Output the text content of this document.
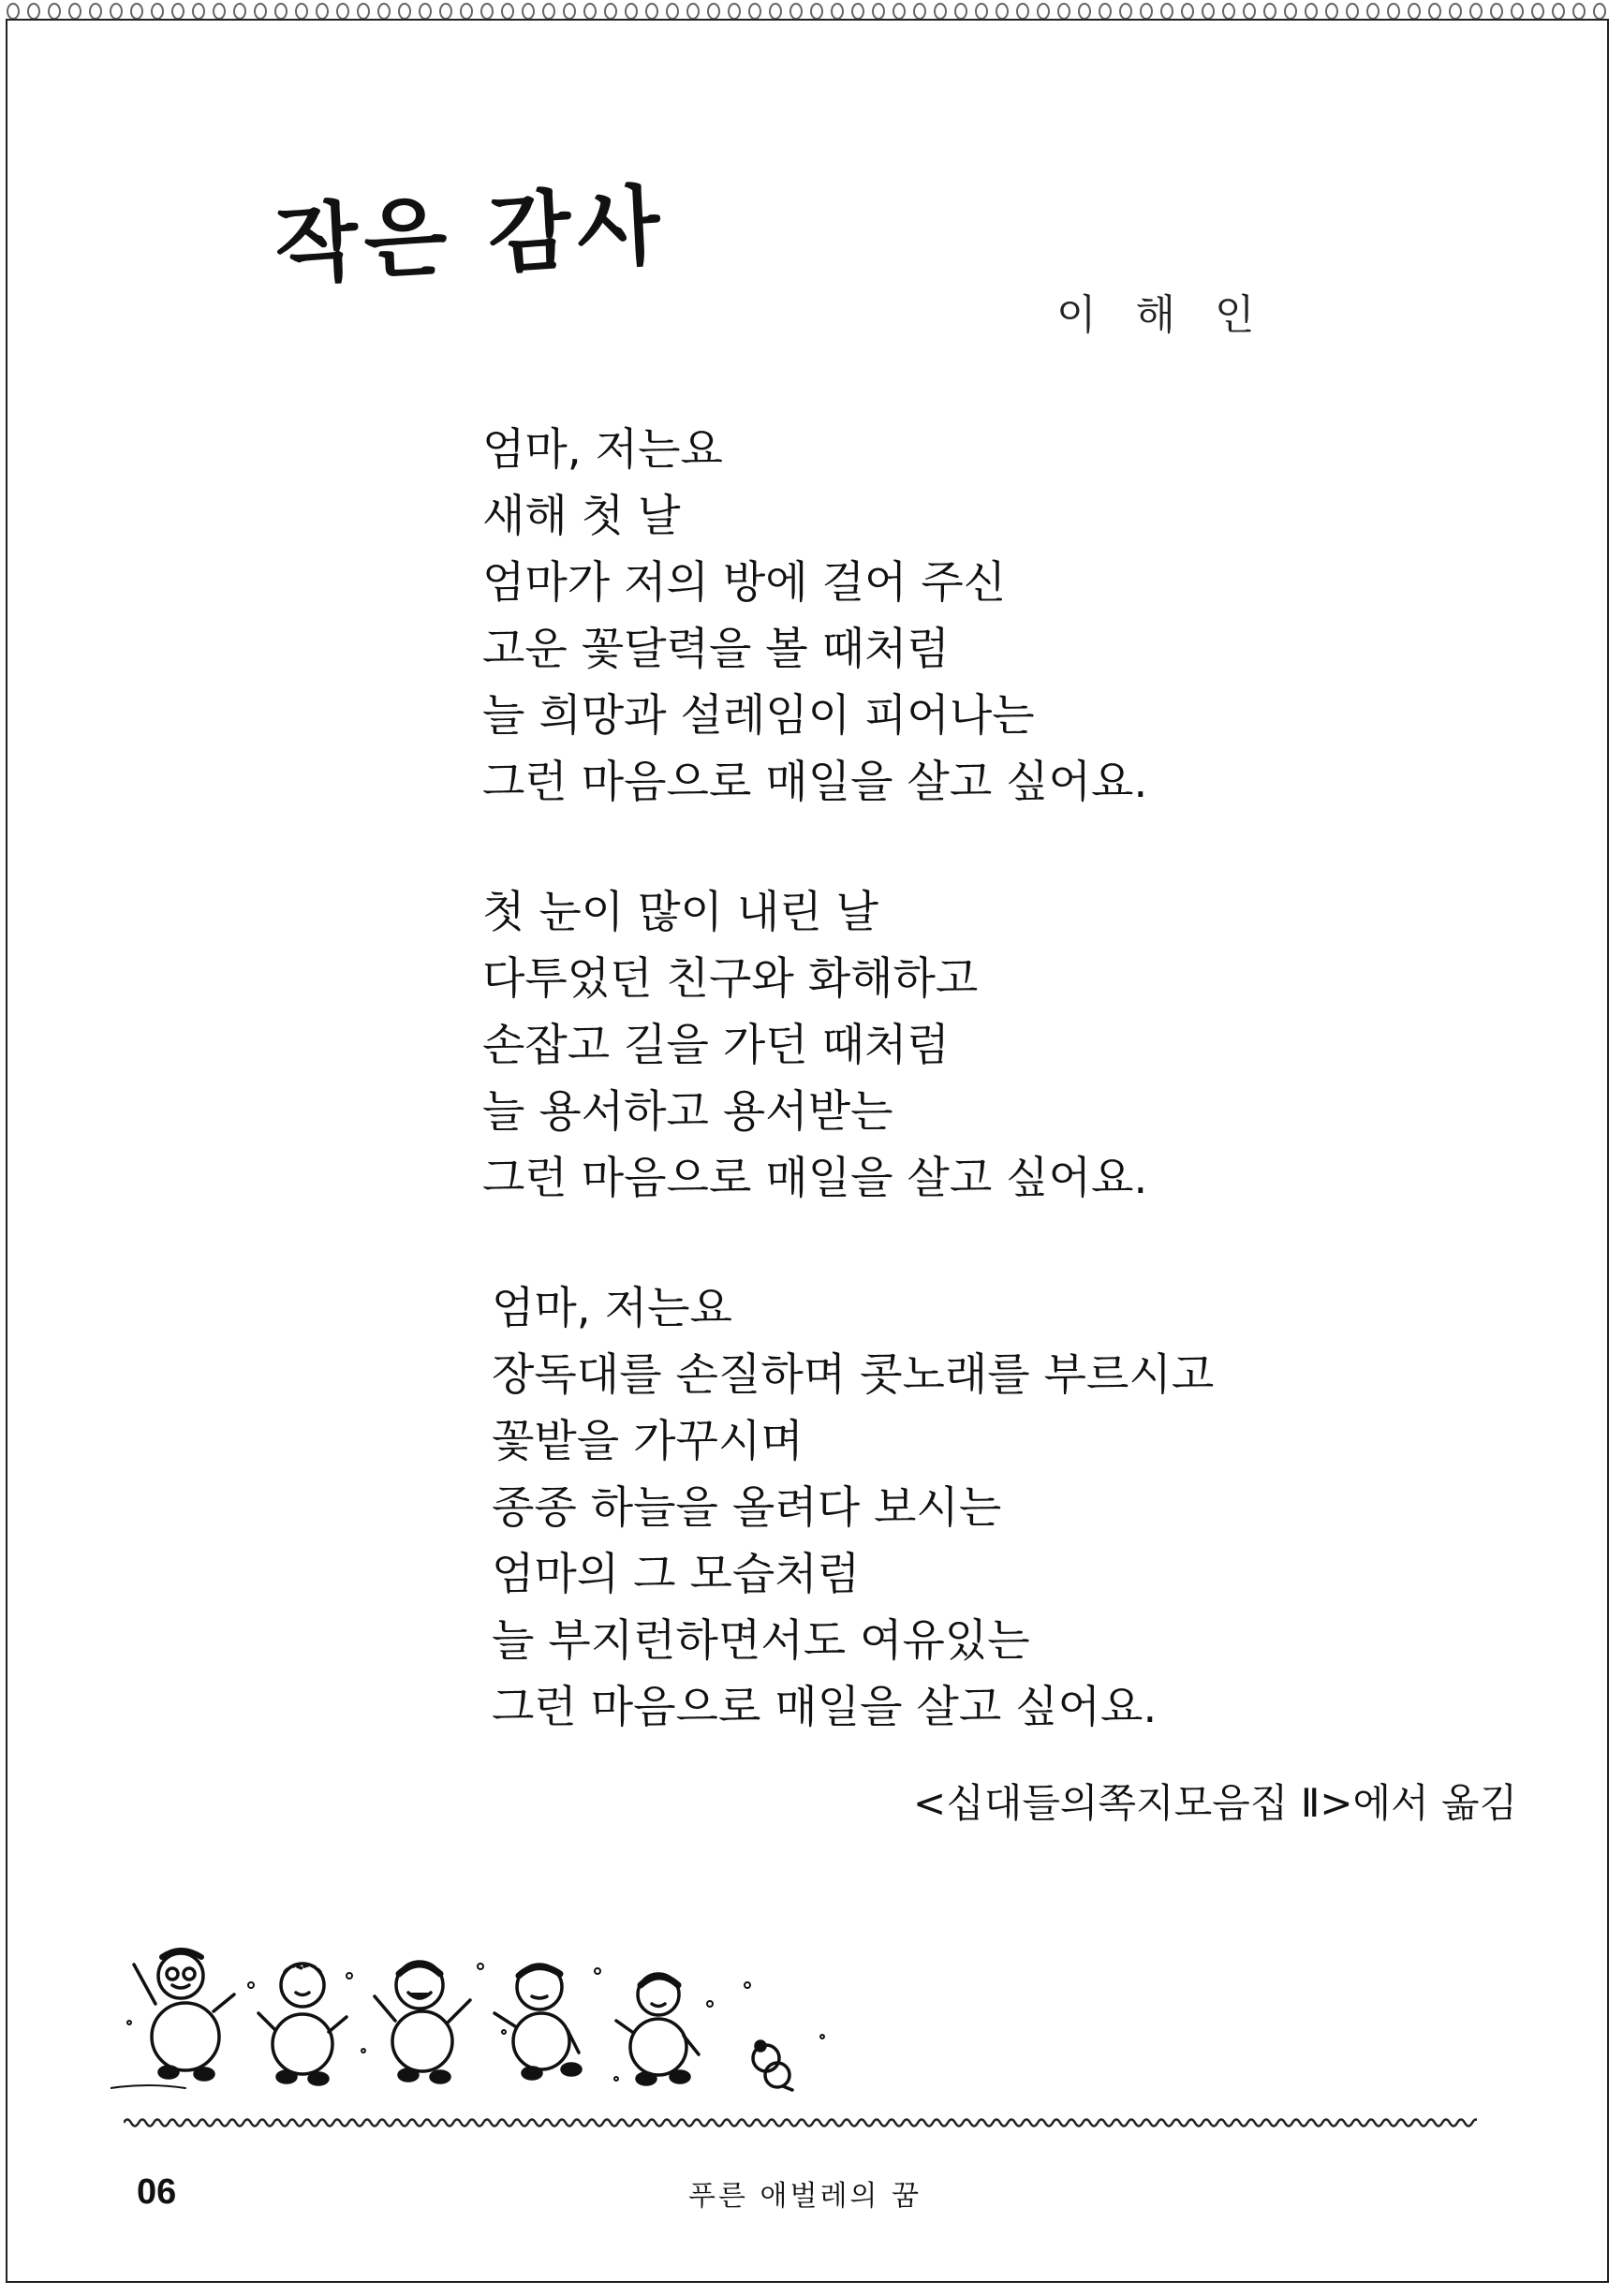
작은 감사
이 해 인
엄마, 저는요
새해 첫 날
엄마가 저의 방에 걸어 주신
고운 꽃달력을 볼 때처럼
늘 희망과 설레임이 피어나는
그런 마음으로 매일을 살고 싶어요.
첫 눈이 많이 내린 날
다투었던 친구와 화해하고
손잡고 길을 가던 때처럼
늘 용서하고 용서받는
그런 마음으로 매일을 살고 싶어요.
엄마, 저는요
장독대를 손질하며 콧노래를 부르시고
꽃밭을 가꾸시며
종종 하늘을 올려다 보시는
엄마의 그 모습처럼
늘 부지런하면서도 여유있는
그런 마음으로 매일을 살고 싶어요.
<십대들의쪽지모음집 Ⅱ>에서 옮김
06	푸른 애벌레의 꿈
